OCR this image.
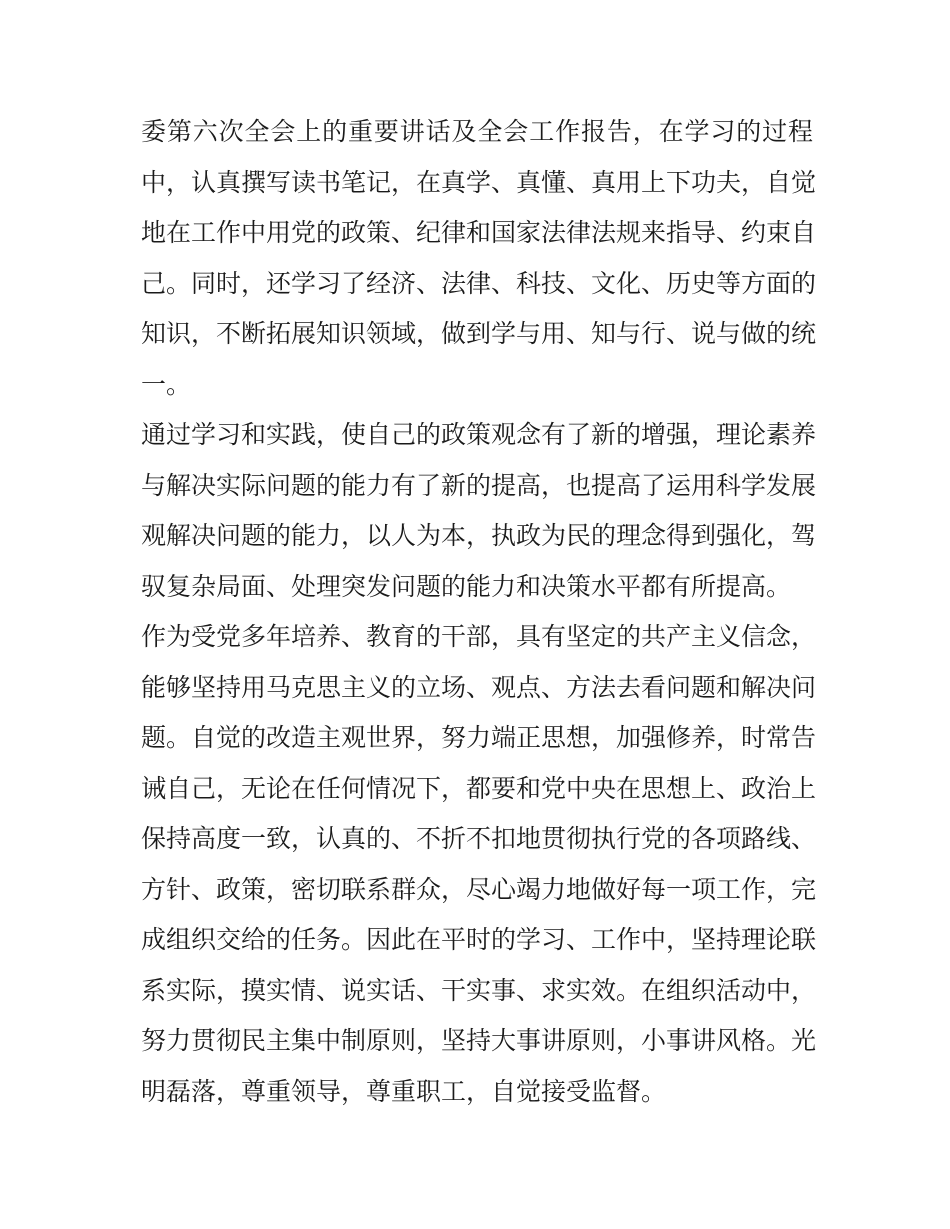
委第六次全会上的重要讲话及全会工作报告，在学习的过程
中，认真撰写读书笔记，在真学、真懂、真用上下功夫，自觉
地在工作中用党的政策、纪律和国家法律法规来指导、约束自
己。同时，还学习了经济、法律、科技、文化、历史等方面的
知识，不断拓展知识领域，做到学与用、知与行、说与做的统
一。
通过学习和实践，使自己的政策观念有了新的增强，理论素养
与解决实际问题的能力有了新的提高，也提高了运用科学发展
观解决问题的能力，以人为本，执政为民的理念得到强化，驾
驭复杂局面、处理突发问题的能力和决策水平都有所提高。
作为受党多年培养、教育的干部，具有坚定的共产主义信念，
能够坚持用马克思主义的立场、观点、方法去看问题和解决问
题。自觉的改造主观世界，努力端正思想，加强修养，时常告
诫自己，无论在任何情况下，都要和党中央在思想上、政治上
保持高度一致，认真的、不折不扣地贯彻执行党的各项路线、
方针、政策，密切联系群众，尽心竭力地做好每一项工作，完
成组织交给的任务。因此在平时的学习、工作中，坚持理论联
系实际，摸实情、说实话、干实事、求实效。在组织活动中，
努力贯彻民主集中制原则，坚持大事讲原则，小事讲风格。光
明磊落，尊重领导，尊重职工，自觉接受监督。
